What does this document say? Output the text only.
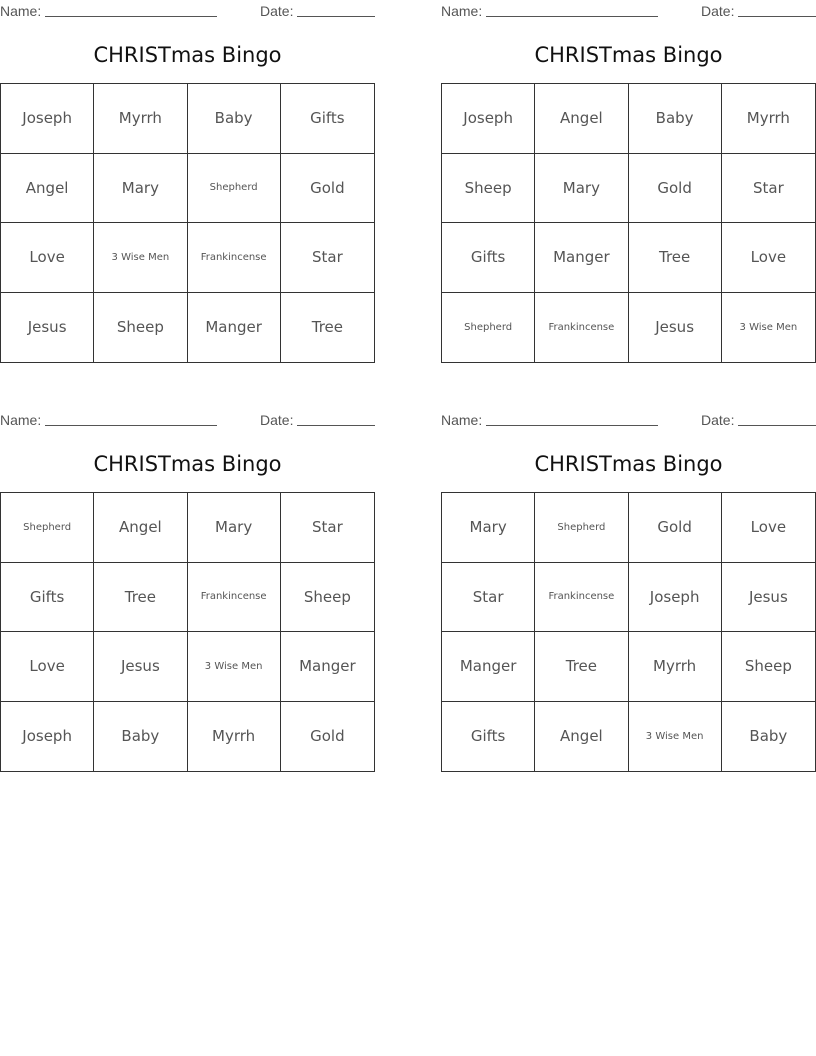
Name:	Date:
CHRISTmas Bingo
Joseph	Myrrh	Baby	Gifts
Angel	Mary	Shepherd	Gold
Love	3 Wise Men	Frankincense	Star
Jesus	Sheep	Manger	Tree
Name:	Date:
CHRISTmas Bingo
Joseph	Angel	Baby	Myrrh
Sheep	Mary	Gold	Star
Gifts	Manger	Tree	Love
Shepherd	Frankincense	Jesus	3 Wise Men
Name:	Date:
CHRISTmas Bingo
Shepherd	Angel	Mary	Star
Gifts	Tree	Frankincense	Sheep
Love	Jesus	3 Wise Men	Manger
Joseph	Baby	Myrrh	Gold
Name:	Date:
CHRISTmas Bingo
Mary	Shepherd	Gold	Love
Star	Frankincense	Joseph	Jesus
Manger	Tree	Myrrh	Sheep
Gifts	Angel	3 Wise Men	Baby
